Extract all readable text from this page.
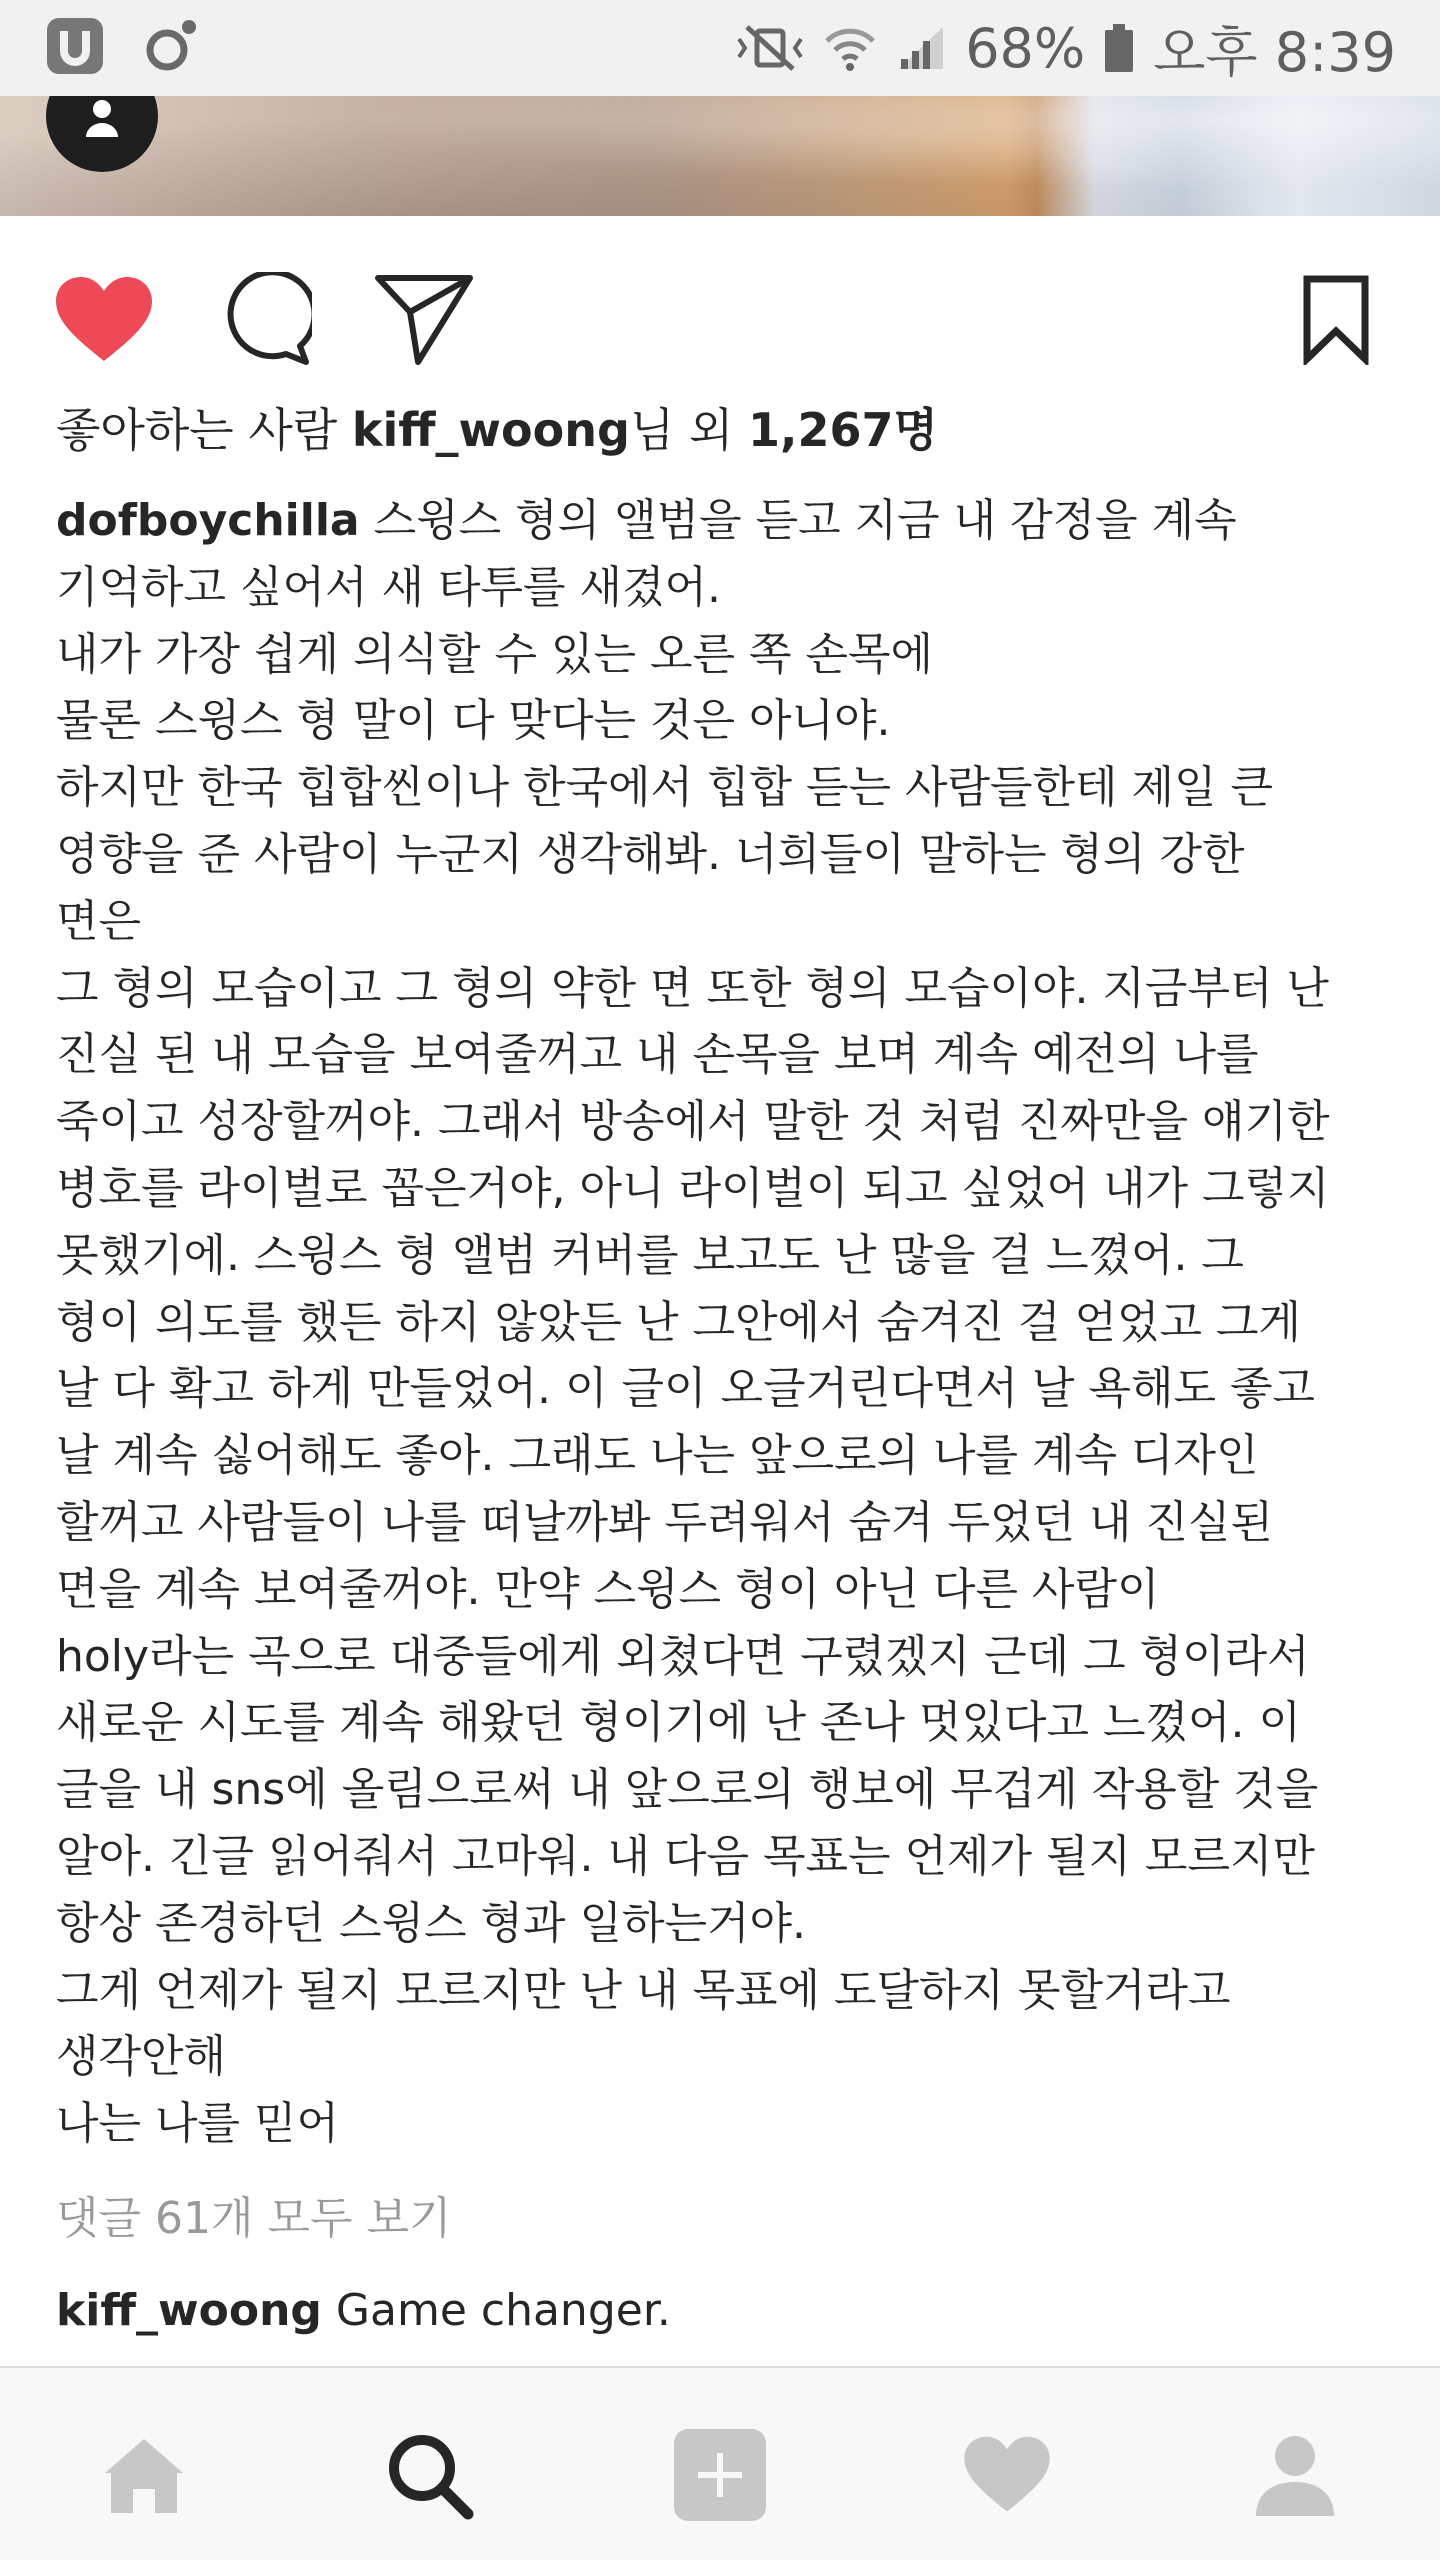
68% 오후 8:39
좋아하는 사람 kiff_woong님 외 1,267명
dofboychilla 스윙스 형의 앨범을 듣고 지금 내 감정을 계속
기억하고 싶어서 새 타투를 새겼어.
내가 가장 쉽게 의식할 수 있는 오른 쪽 손목에
물론 스윙스 형 말이 다 맞다는 것은 아니야.
하지만 한국 힙합씬이나 한국에서 힙합 듣는 사람들한테 제일 큰
영향을 준 사람이 누군지 생각해봐. 너희들이 말하는 형의 강한
면은
그 형의 모습이고 그 형의 약한 면 또한 형의 모습이야. 지금부터 난
진실 된 내 모습을 보여줄꺼고 내 손목을 보며 계속 예전의 나를
죽이고 성장할꺼야. 그래서 방송에서 말한 것 처럼 진짜만을 얘기한
병호를 라이벌로 꼽은거야, 아니 라이벌이 되고 싶었어 내가 그렇지
못했기에. 스윙스 형 앨범 커버를 보고도 난 많을 걸 느꼈어. 그
형이 의도를 했든 하지 않았든 난 그안에서 숨겨진 걸 얻었고 그게
날 다 확고 하게 만들었어. 이 글이 오글거린다면서 날 욕해도 좋고
날 계속 싫어해도 좋아. 그래도 나는 앞으로의 나를 계속 디자인
할꺼고 사람들이 나를 떠날까봐 두려워서 숨겨 두었던 내 진실된
면을 계속 보여줄꺼야. 만약 스윙스 형이 아닌 다른 사람이
holy라는 곡으로 대중들에게 외쳤다면 구렸겠지 근데 그 형이라서
새로운 시도를 계속 해왔던 형이기에 난 존나 멋있다고 느꼈어. 이
글을 내 sns에 올림으로써 내 앞으로의 행보에 무겁게 작용할 것을
알아. 긴글 읽어줘서 고마워. 내 다음 목표는 언제가 될지 모르지만
항상 존경하던 스윙스 형과 일하는거야.
그게 언제가 될지 모르지만 난 내 목표에 도달하지 못할거라고
생각안해
나는 나를 믿어
댓글 61개 모두 보기
kiff_woong Game changer.
